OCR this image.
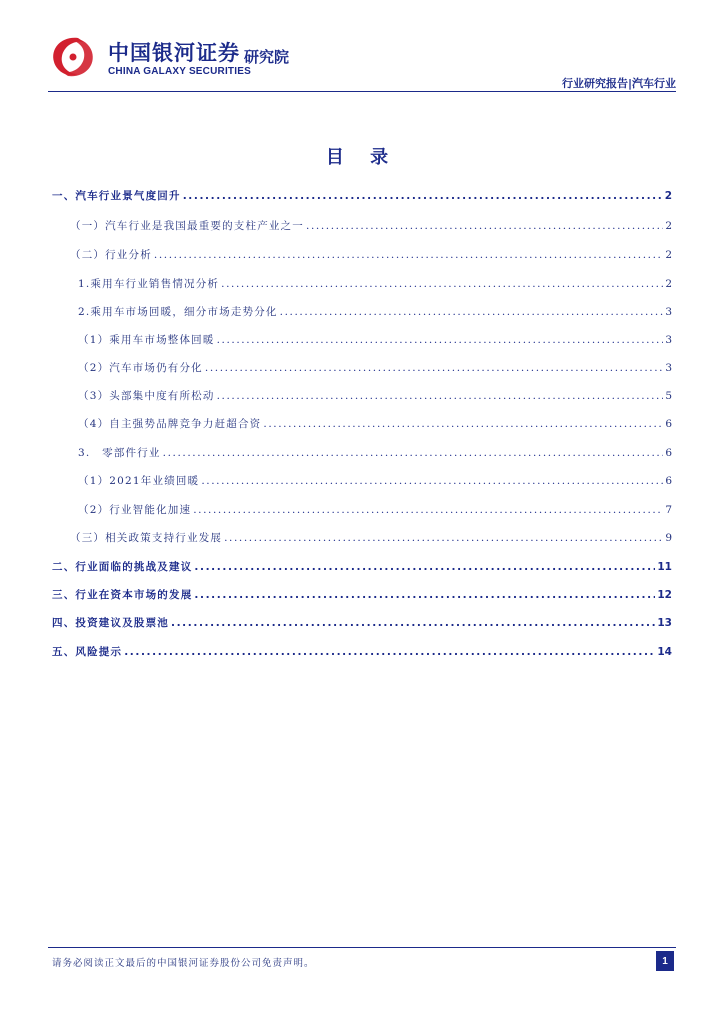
中国银河证券
CHINA GALAXY SECURITIES
研究院
行业研究报告|汽车行业
目 录
一、汽车行业景气度回升 .....	2
（一）汽车行业是我国最重要的支柱产业之一 .....	2
（二）行业分析 .....	2
1.乘用车行业销售情况分析 .....	2
2.乘用车市场回暖，细分市场走势分化 .....	3
（1）乘用车市场整体回暖 .....	3
（2）汽车市场仍有分化 .....	3
（3）头部集中度有所松动 .....	5
（4）自主强势品牌竞争力赶超合资 .....	6
3.　零部件行业 .....	6
（1）2021年业绩回暖 .....	6
（2）行业智能化加速 .....	7
（三）相关政策支持行业发展 .....	9
二、行业面临的挑战及建议 .....	11
三、行业在资本市场的发展 .....	12
四、投资建议及股票池 .....	13
五、风险提示 .....	14
请务必阅读正文最后的中国银河证券股份公司免责声明。	1
